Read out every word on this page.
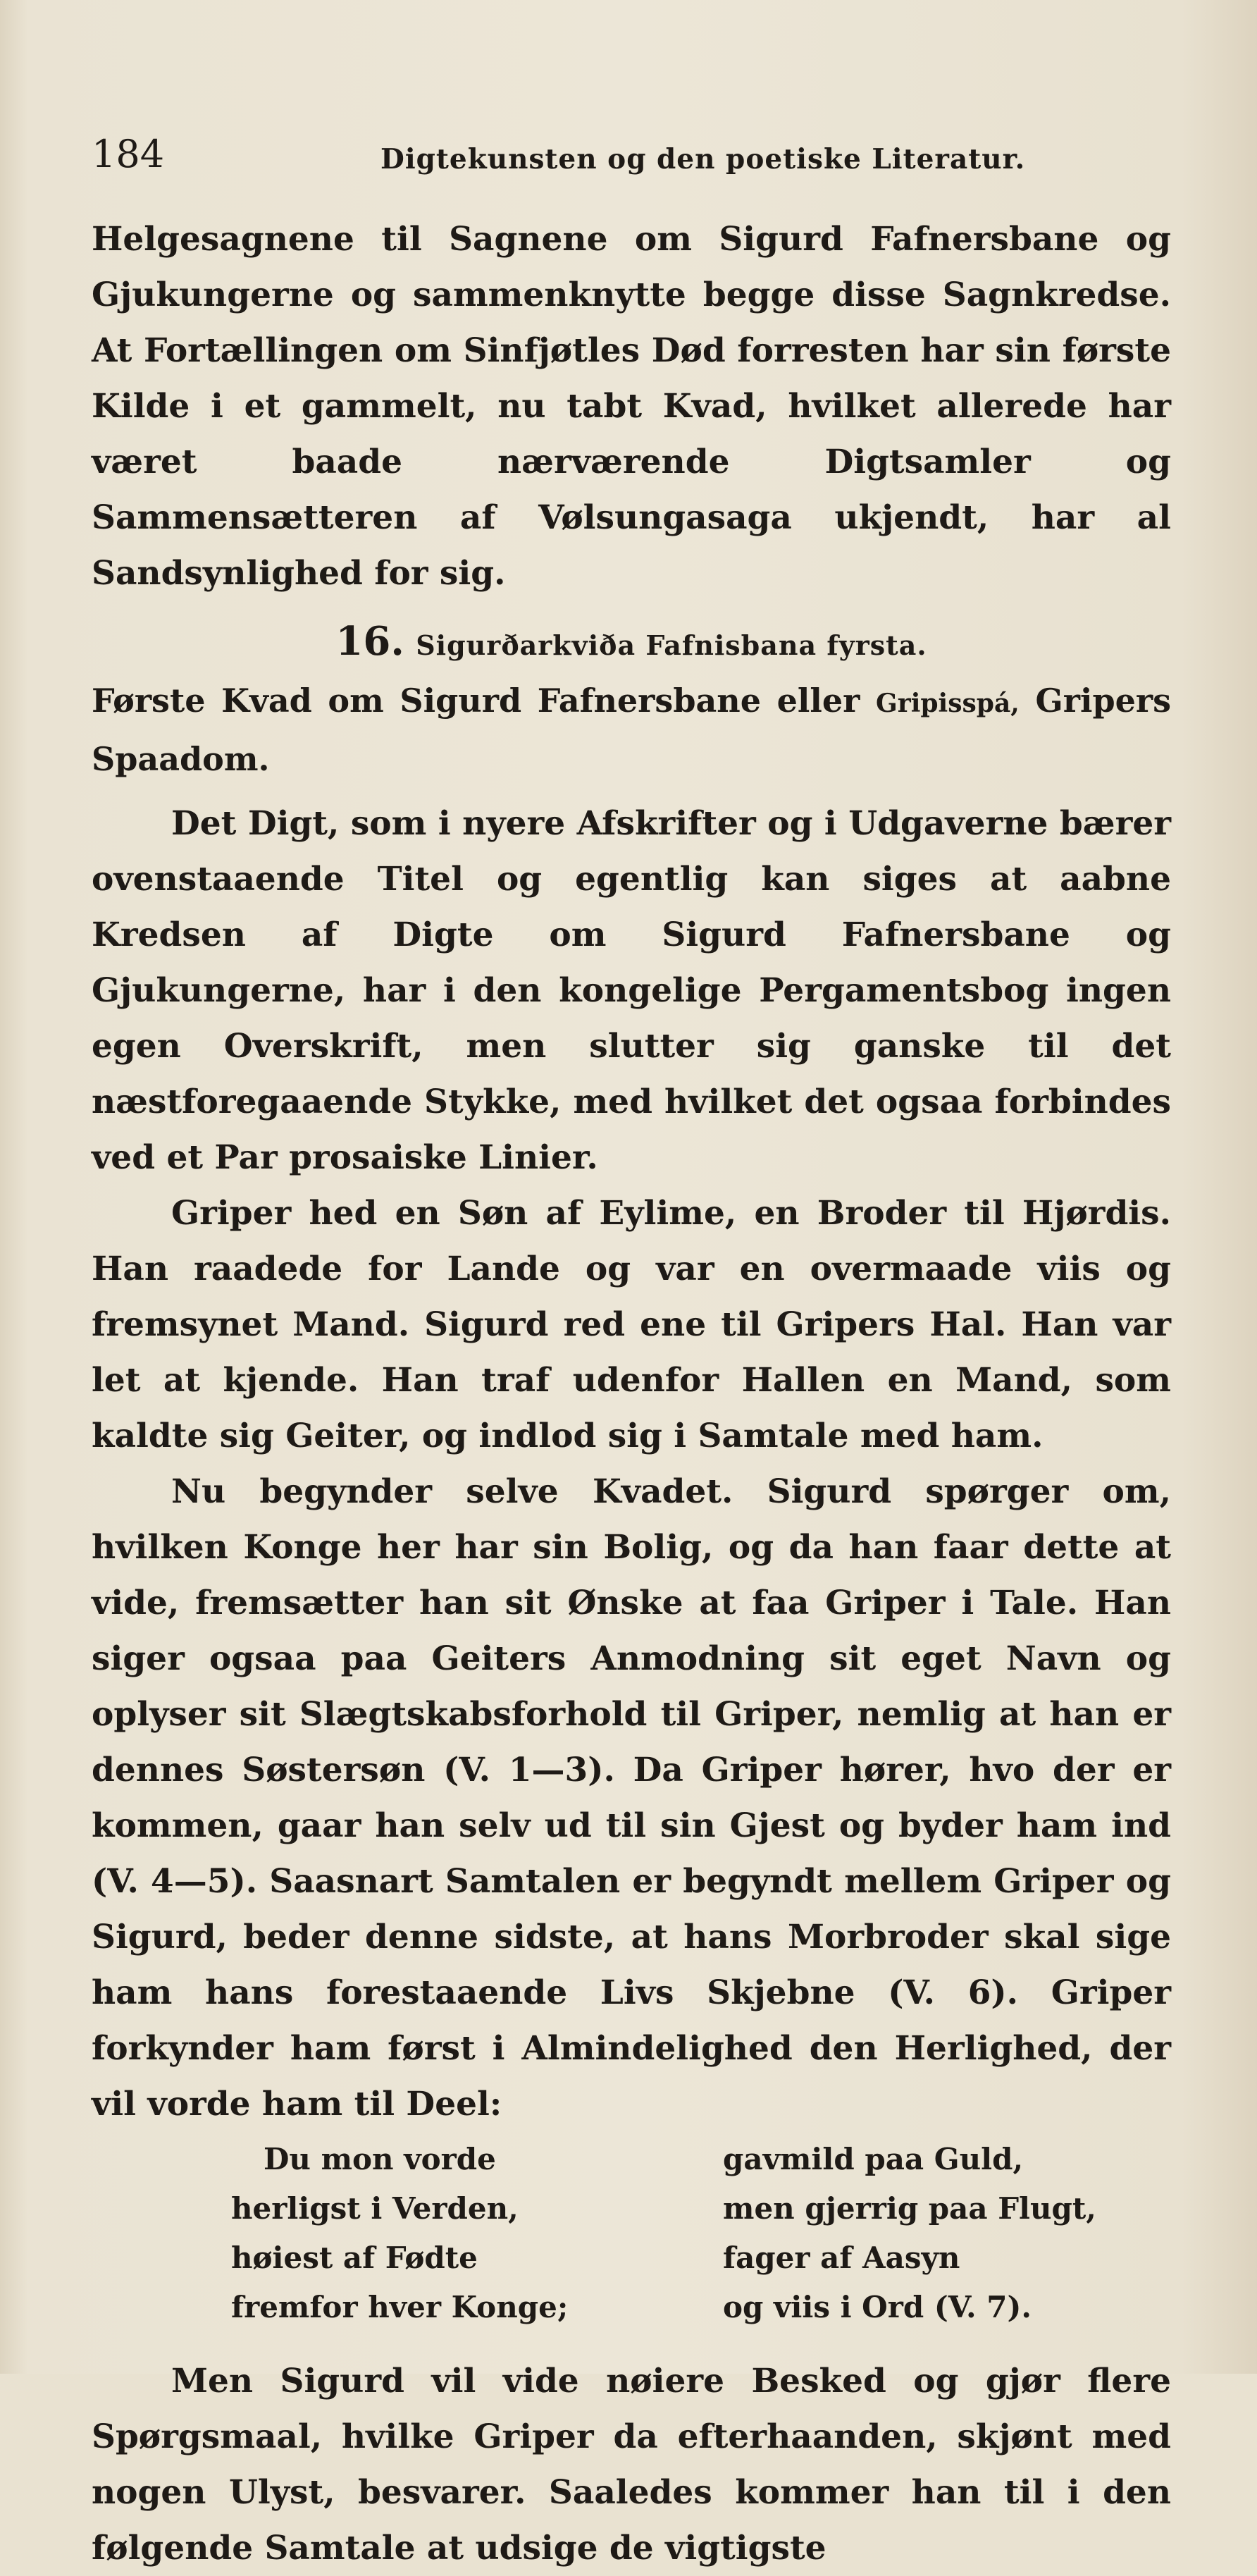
184	Digtekunsten og den poetiske Literatur.

Helgesagnene til Sagnene om Sigurd Fafnersbane og Gjukungerne og sammenknytte begge disse Sagnkredse. At Fortællingen om Sinfjøtles Død forresten har sin første Kilde i et gammelt, nu tabt Kvad, hvilket allerede har været baade nærværende Digtsamler og Sammensætteren af Vølsungasaga ukjendt, har al Sandsynlighed for sig.

16. Sigurðarkviða Fafnisbana fyrsta.
Første Kvad om Sigurd Fafnersbane eller Gripisspá, Gripers Spaadom.

Det Digt, som i nyere Afskrifter og i Udgaverne bærer ovenstaaende Titel og egentlig kan siges at aabne Kredsen af Digte om Sigurd Fafnersbane og Gjukungerne, har i den kongelige Pergamentsbog ingen egen Overskrift, men slutter sig ganske til det næstforegaaende Stykke, med hvilket det ogsaa forbindes ved et Par prosaiske Linier.

Griper hed en Søn af Eylime, en Broder til Hjørdis. Han raadede for Lande og var en overmaade viis og fremsynet Mand. Sigurd red ene til Gripers Hal. Han var let at kjende. Han traf udenfor Hallen en Mand, som kaldte sig Geiter, og indlod sig i Samtale med ham.

Nu begynder selve Kvadet. Sigurd spørger om, hvilken Konge her har sin Bolig, og da han faar dette at vide, fremsætter han sit Ønske at faa Griper i Tale. Han siger ogsaa paa Geiters Anmodning sit eget Navn og oplyser sit Slægtskabsforhold til Griper, nemlig at han er dennes Søstersøn (V. 1—3). Da Griper hører, hvo der er kommen, gaar han selv ud til sin Gjest og byder ham ind (V. 4—5). Saasnart Samtalen er begyndt mellem Griper og Sigurd, beder denne sidste, at hans Morbroder skal sige ham hans forestaaende Livs Skjebne (V. 6). Griper forkynder ham først i Almindelighed den Herlighed, der vil vorde ham til Deel:

Du mon vorde
herligst i Verden,
høiest af Fødte
fremfor hver Konge;
gavmild paa Guld,
men gjerrig paa Flugt,
fager af Aasyn
og viis i Ord (V. 7).

Men Sigurd vil vide nøiere Besked og gjør flere Spørgsmaal, hvilke Griper da efterhaanden, skjønt med nogen Ulyst, besvarer. Saaledes kommer han til i den følgende Samtale at udsige de vigtigste
